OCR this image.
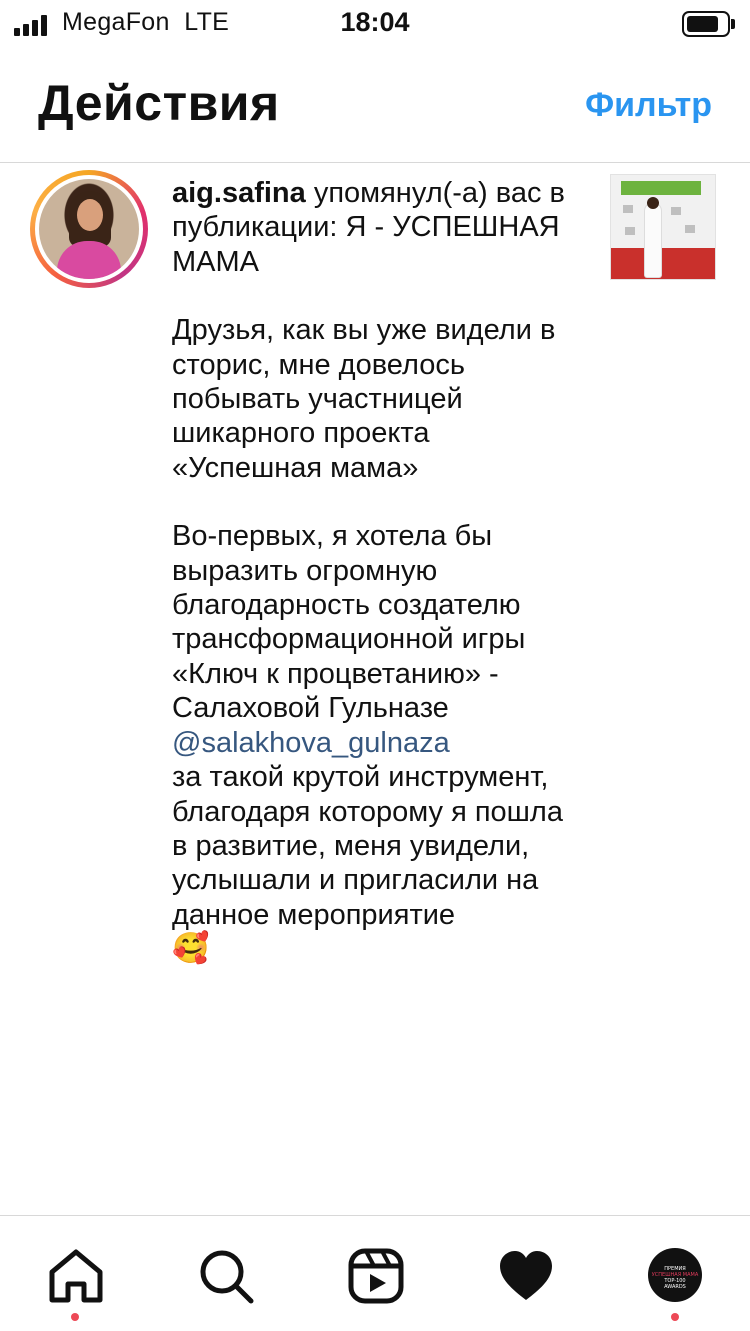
MegaFon LTE	18:04
Действия	Фильтр

aig.safina упомянул(-а) вас в публикации: Я - УСПЕШНАЯ МАМА

Друзья, как вы уже видели в сторис, мне довелось побывать участницей шикарного проекта «Успешная мама»

Во-первых, я хотела бы выразить огромную благодарность создателю трансформационной игры «Ключ к процветанию» - Салаховой Гульназе

@salakhova_gulnaza

за такой крутой инструмент, благодаря которому я пошла в развитие, меня увидели, услышали и пригласили на данное мероприятие

🥰

ПРЕМИЯ
УСПЕШНАЯ МАМА
TOP-100
AWARDS
